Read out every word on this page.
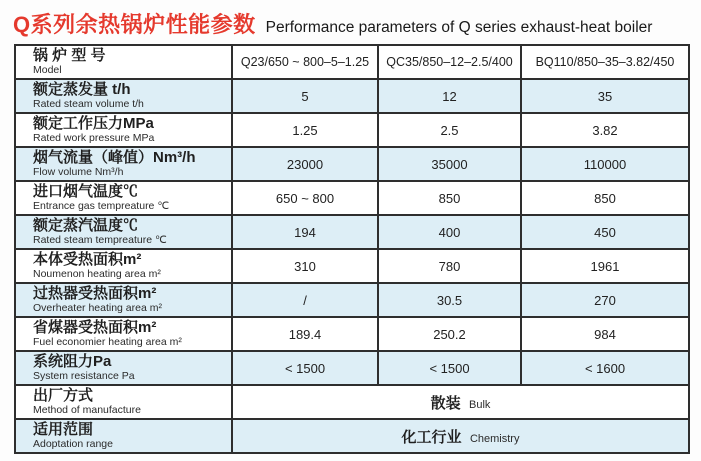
Q系列余热锅炉性能参数 Performance parameters of Q series exhaust-heat boiler
锅 炉 型 号
Model	Q23/650 ~ 800–5–1.25	QC35/850–12–2.5/400	BQ110/850–35–3.82/450

额定蒸发量 t/h
Rated steam volume t/h	5	12	35

额定工作压力MPa
Rated work pressure MPa	1.25	2.5	3.82

烟气流量（峰值）Nm³/h
Flow volume Nm³/h	23000	35000	110000

进口烟气温度℃
Entrance gas tempreature ℃	650 ~ 800	850	850

额定蒸汽温度℃
Rated steam tempreature ℃	194	400	450

本体受热面积m²
Noumenon heating area m²	310	780	1961

过热器受热面积m²
Overheater heating area m²	/	30.5	270

省煤器受热面积m²
Fuel economier heating area m²	189.4	250.2	984

系统阻力Pa
System resistance Pa	< 1500	< 1500	< 1600

出厂方式
Method of manufacture	散装 Bulk		

适用范围
Adoptation range	化工行业 Chemistry		
